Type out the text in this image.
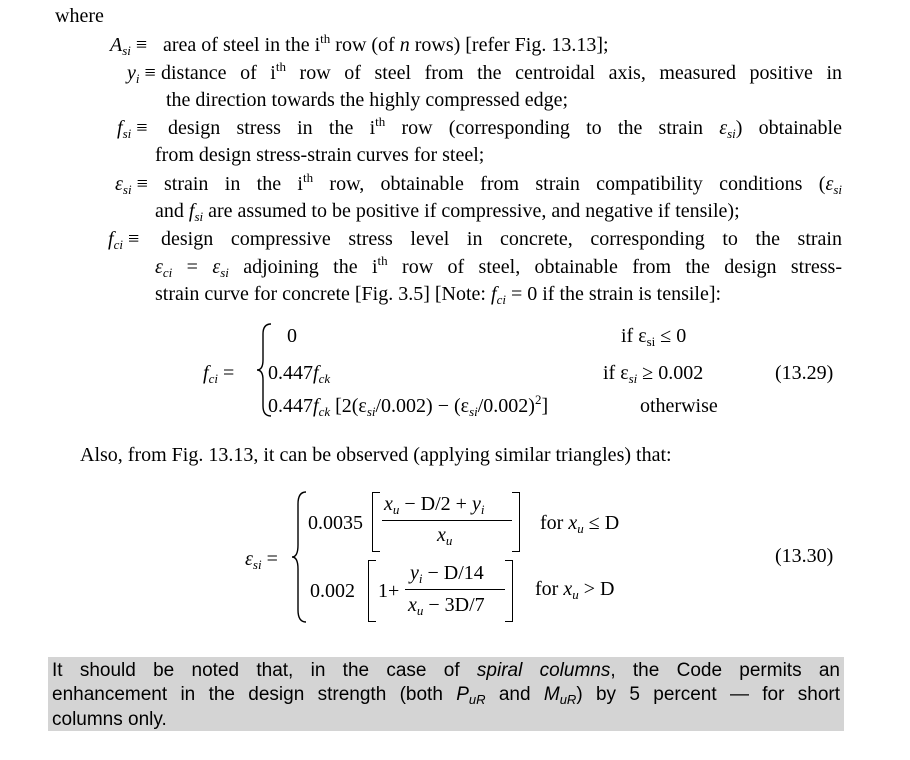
where
$A_{si}$ ≡ area of steel in the $i^{th}$ row (of n rows) [refer Fig. 13.13];
$y_i$ ≡ distance of $i^{th}$ row of steel from the centroidal axis, measured positive in
the direction towards the highly compressed edge;
$f_{si}$ ≡ design stress in the $i^{th}$ row (corresponding to the strain $\varepsilon_{si}$) obtainable
from design stress-strain curves for steel;
$\varepsilon_{si}$ ≡ strain in the $i^{th}$ row, obtainable from strain compatibility conditions ($\varepsilon_{si}$
and $f_{si}$ are assumed to be positive if compressive, and negative if tensile);
$f_{ci}$ ≡ design compressive stress level in concrete, corresponding to the strain
$\varepsilon_{ci} = \varepsilon_{si}$ adjoining the $i^{th}$ row of steel, obtainable from the design stress-
strain curve for concrete [Fig. 3.5] [Note: $f_{ci} = 0$ if the strain is tensile]:
$f_{ci}$ =
0	if $\varepsilon_{si} \le 0$
$0.447f_{ck}$	if $\varepsilon_{si} \ge 0.002$
$0.447f_{ck}$ $[2(\varepsilon_{si}/0.002) - (\varepsilon_{si}/0.002)^2]$	otherwise
(13.29)
Also, from Fig. 13.13, it can be observed (applying similar triangles) that:
$\varepsilon_{si}$ =
0.0035
$x_u - D/2 + y_i$
$x_u$
for $x_u \le D$
0.002 1+
$y_i - D/14$
$x_u - 3D/7$
for $x_u > D$
(13.30)
It should be noted that, in the case of spiral columns, the Code permits an
enhancement in the design strength (both $P_{uR}$ and $M_{uR}$) by 5 percent — for short
columns only.
